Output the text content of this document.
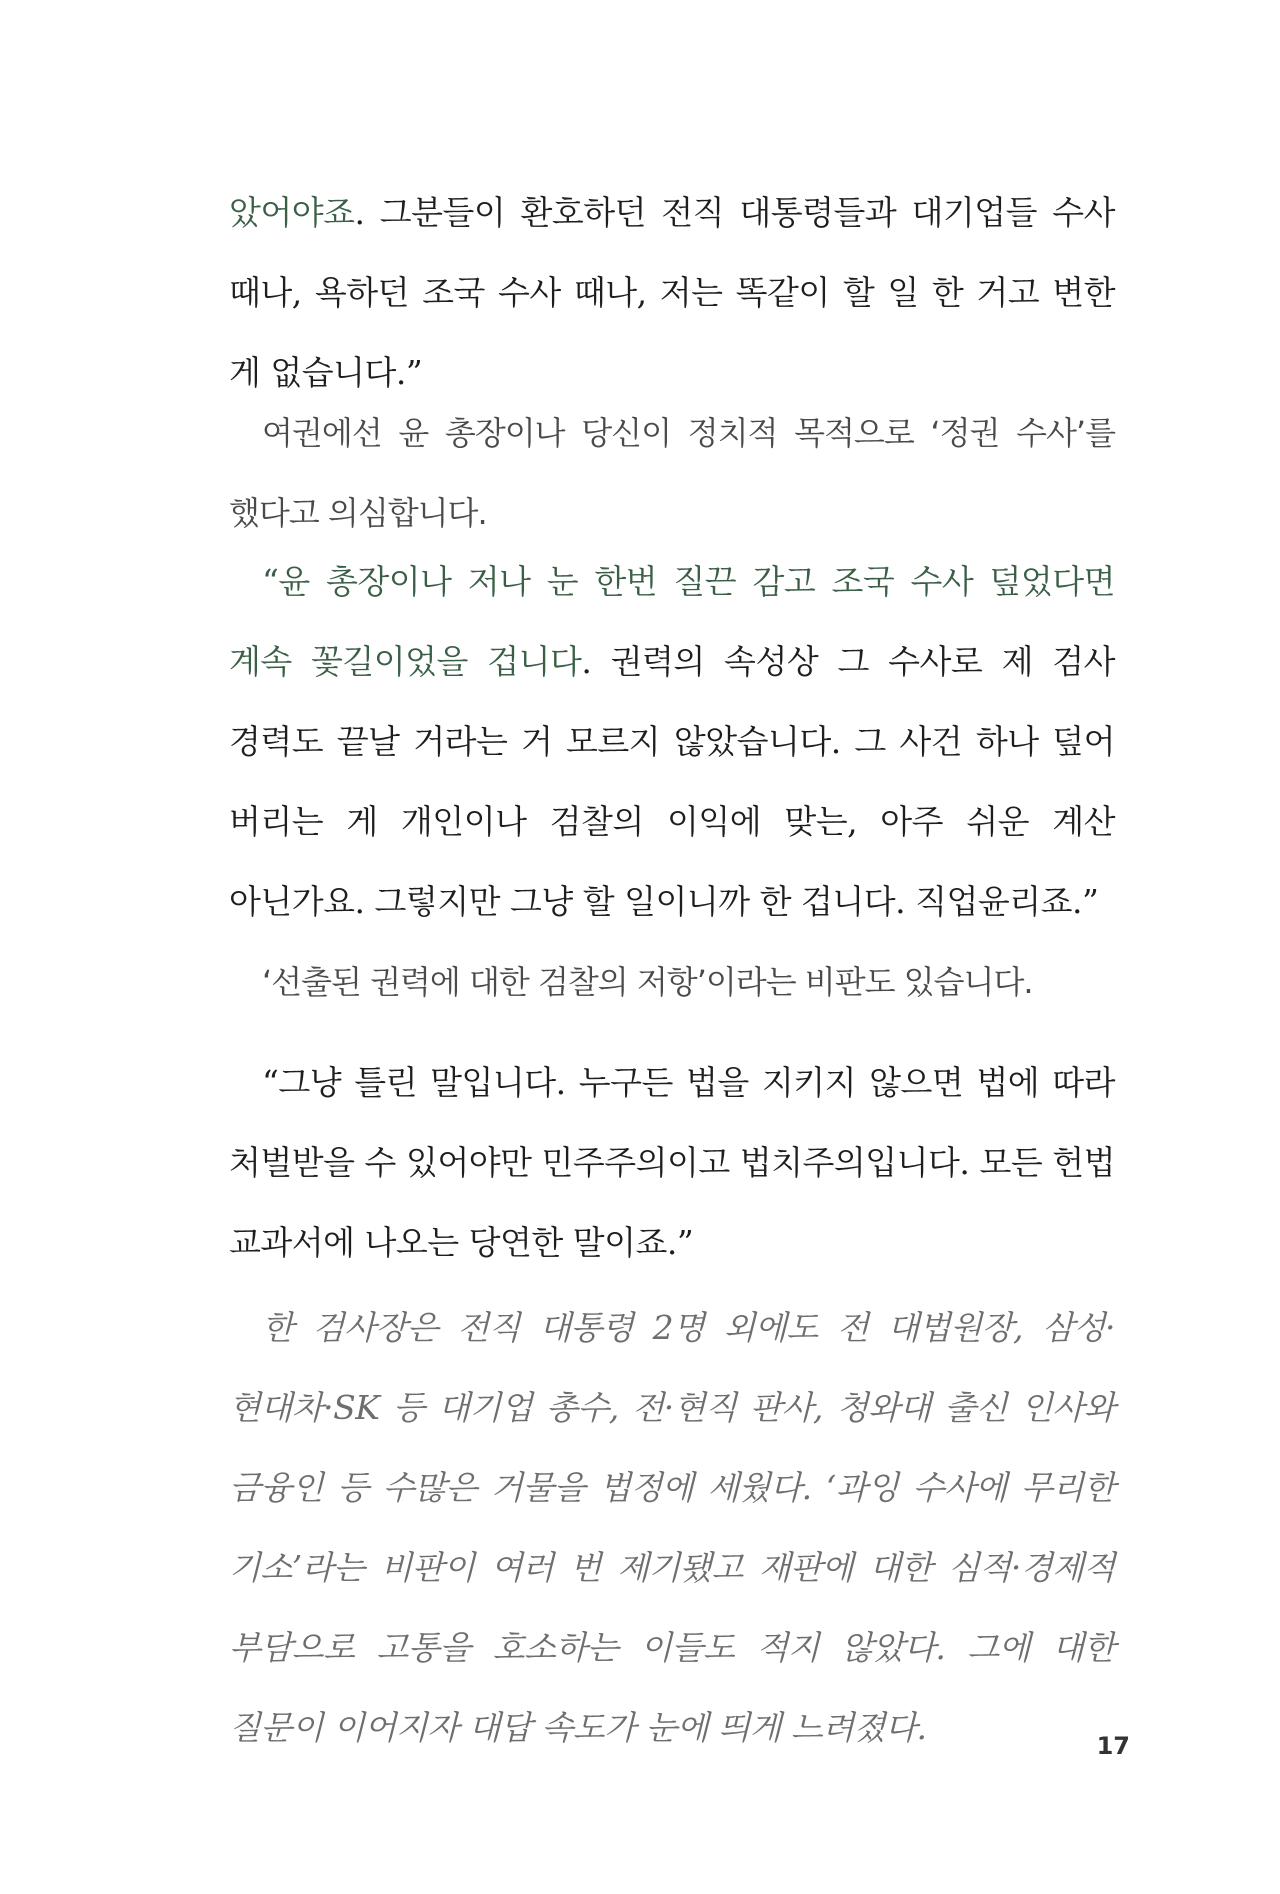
았어야죠. 그분들이 환호하던 전직 대통령들과 대기업들 수사 때나, 욕하던 조국 수사 때나, 저는 똑같이 할 일 한 거고 변한 게 없습니다.”

여권에선 윤 총장이나 당신이 정치적 목적으로 ‘정권 수사’를 했다고 의심합니다.

“윤 총장이나 저나 눈 한번 질끈 감고 조국 수사 덮었다면 계속 꽃길이었을 겁니다. 권력의 속성상 그 수사로 제 검사 경력도 끝날 거라는 거 모르지 않았습니다. 그 사건 하나 덮어 버리는 게 개인이나 검찰의 이익에 맞는, 아주 쉬운 계산 아닌가요. 그렇지만 그냥 할 일이니까 한 겁니다. 직업윤리죠.”

‘선출된 권력에 대한 검찰의 저항’이라는 비판도 있습니다.

“그냥 틀린 말입니다. 누구든 법을 지키지 않으면 법에 따라 처벌받을 수 있어야만 민주주의이고 법치주의입니다. 모든 헌법 교과서에 나오는 당연한 말이죠.”

한 검사장은 전직 대통령 2명 외에도 전 대법원장, 삼성·현대차·SK 등 대기업 총수, 전·현직 판사, 청와대 출신 인사와 금융인 등 수많은 거물을 법정에 세웠다. ‘과잉 수사에 무리한 기소’라는 비판이 여러 번 제기됐고 재판에 대한 심적·경제적 부담으로 고통을 호소하는 이들도 적지 않았다. 그에 대한 질문이 이어지자 대답 속도가 눈에 띄게 느려졌다.	17
